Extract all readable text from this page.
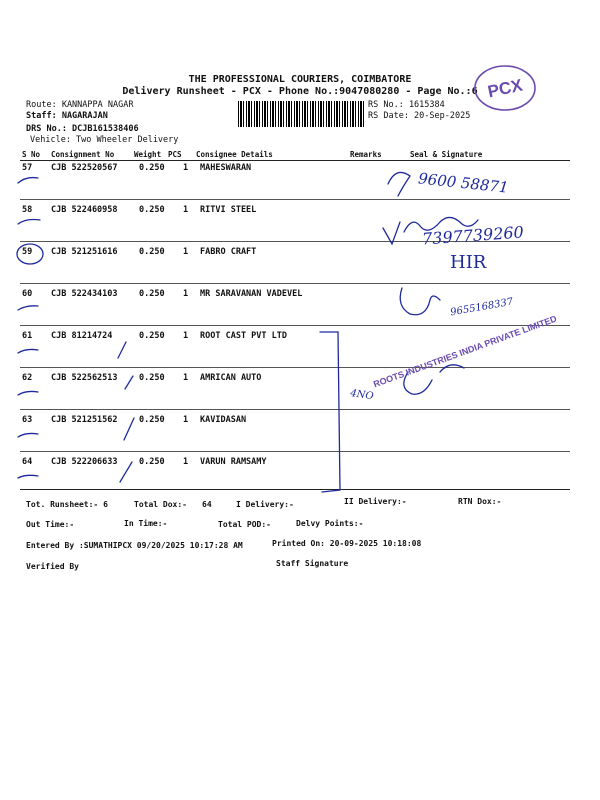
THE PROFESSIONAL COURIERS, COIMBATORE
Delivery Runsheet - PCX - Phone No.:9047080280 - Page No.:6 PCX
Route: KANNAPPA NAGAR
Staff: NAGARAJAN
DRS No.: DCJB161538406
Vehicle: Two Wheeler Delivery
RS No.: 1615384
RS Date: 20-Sep-2025
S No Consignment No	Weight PCS Consignee Details	Remarks	Seal & Signature
57 CJB 522520567	0.250 1 MAHESWARAN
58 CJB 522460958	0.250 1 RITVI STEEL
59 CJB 521251616	0.250 1 FABRO CRAFT
60 CJB 522434103	0.250 1 MR SARAVANAN VADEVEL
61 CJB 81214724	0.250 1 ROOT CAST PVT LTD
62 CJB 522562513	0.250 1 AMRICAN AUTO
63 CJB 521251562	0.250 1 KAVIDASAN
64 CJB 522206633	0.250 1 VARUN RAMSAMY
4NO
9600 58871
7397739260
HIR
9655168337
ROOTS INDUSTRIES INDIA PRIVATE LIMITED
Tot. Runsheet:- 6	Total Dox:- 64	I Delivery:-	II Delivery:-	RTN Dox:-
Out Time:-	In Time:-	Total POD:-	Delvy Points:-
Entered By :SUMATHIPCX 09/20/2025 10:17:28 AM	Printed On: 20-09-2025 10:18:08
Verified By	Staff Signature
